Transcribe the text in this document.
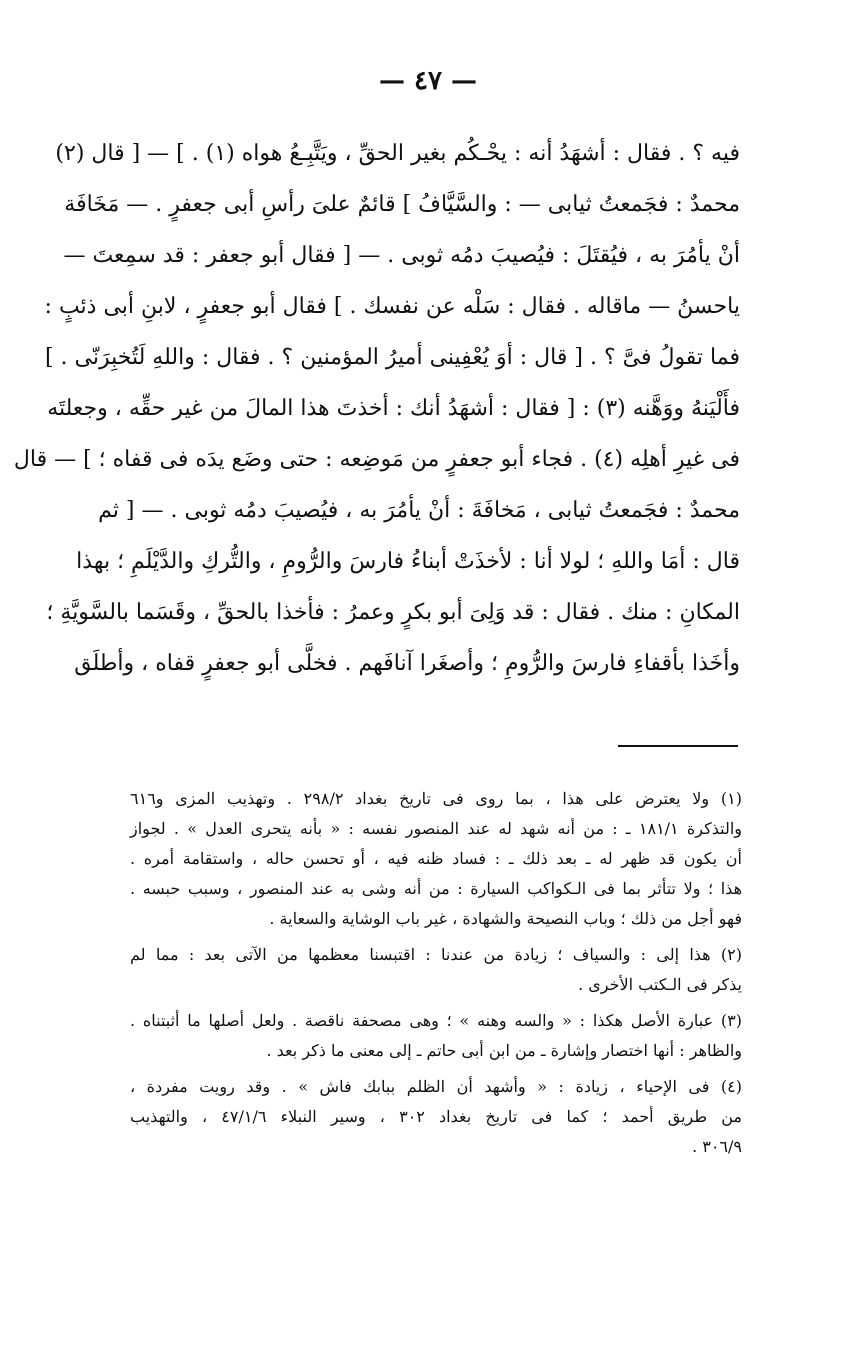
— ٤٧ —
فيه ؟ . فقال : أشهَدُ أنه : يحْـكُم بغير الحقِّ ، ويَتَّبِـعُ هواه (١) . ] — [ قال (٢)
محمدٌ : فجَمعتُ ثيابى — : والسَّيَّافُ ] قائمٌ علىَ رأسِ أبى جعفرٍ . — مَخَافَة
أنْ يأمُرَ به ، فيُقتَلَ : فيُصيبَ دمُه ثوبى . — [ فقال أبو جعفر : قد سمِعتَ —
ياحسنُ — ماقاله . فقال : سَلْه عن نفسك . ] فقال أبو جعفرٍ ، لابنِ أبى ذئبٍ :
فما تقولُ فىَّ ؟ . [ قال : أوَ يُعْفِينى أميرُ المؤمنين ؟ . فقال : واللهِ لَتُخبِرَنّى . ]
فأَلْيَنهُ ووَهَّنه (٣) : [ فقال : أشهَدُ أنك : أخذتَ هذا المالَ من غير حقِّه ، وجعلتَه
فى غيرِ أهلِه (٤) . فجاء أبو جعفرٍ من مَوضِعه : حتى وضَع يدَه فى قفاه ؛ ] — قال
محمدٌ : فجَمعتُ ثيابى ، مَخافَةَ : أنْ يأمُرَ به ، فيُصيبَ دمُه ثوبى . — [ ثم
قال : أمَا واللهِ ؛ لولا أنا : لأخذَتْ أبناءُ فارسَ والرُّومِ ، والتُّركِ والدَّيْلَمِ ؛ بهذا
المكانِ : منك . فقال : قد وَلِىَ أبو بكرٍ وعمرُ : فأخذا بالحقِّ ، وقَسَما بالسَّويَّةِ ؛
وأخَذا بأقفاءِ فارسَ والرُّومِ ؛ وأصغَرا آنافَهم . فخلَّى أبو جعفرٍ قفاه ، وأطلَق
(١) ولا يعترض على هذا ، بما روى فى تاريخ بغداد ٢٩٨/٢ . وتهذيب المزى و٦١٦
والتذكرة ١٨١/١ ـ : من أنه شهد له عند المنصور نفسه : « بأنه يتحرى العدل » . لجواز
أن يكون قد ظهر له ـ بعد ذلك ـ : فساد ظنه فيه ، أو تحسن حاله ، واستقامة أمره .
هذا ؛ ولا تتأثر بما فى الـكواكب السيارة : من أنه وشى به عند المنصور ، وسبب حبسه .
فهو أجل من ذلك ؛ وباب النصيحة والشهادة ، غير باب الوشاية والسعاية .
(٢) هذا إلى : والسياف ؛ زيادة من عندنا : اقتبسنا معظمها من الآتى بعد : مما لم
يذكر فى الـكتب الأخرى .
(٣) عبارة الأصل هكذا : « والسه وهنه » ؛ وهى مصحفة ناقصة . ولعل أصلها ما أثبتناه .
والظاهر : أنها اختصار وإشارة ـ من ابن أبى حاتم ـ إلى معنى ما ذكر بعد .
(٤) فى الإحياء ، زيادة : « وأشهد أن الظلم ببابك فاش » . وقد رويت مفردة ،
من طريق أحمد ؛ كما فى تاريخ بغداد ٣٠٢ ، وسير النبلاء ٤٧/١/٦ ، والتهذيب
٣٠٦/٩ .
